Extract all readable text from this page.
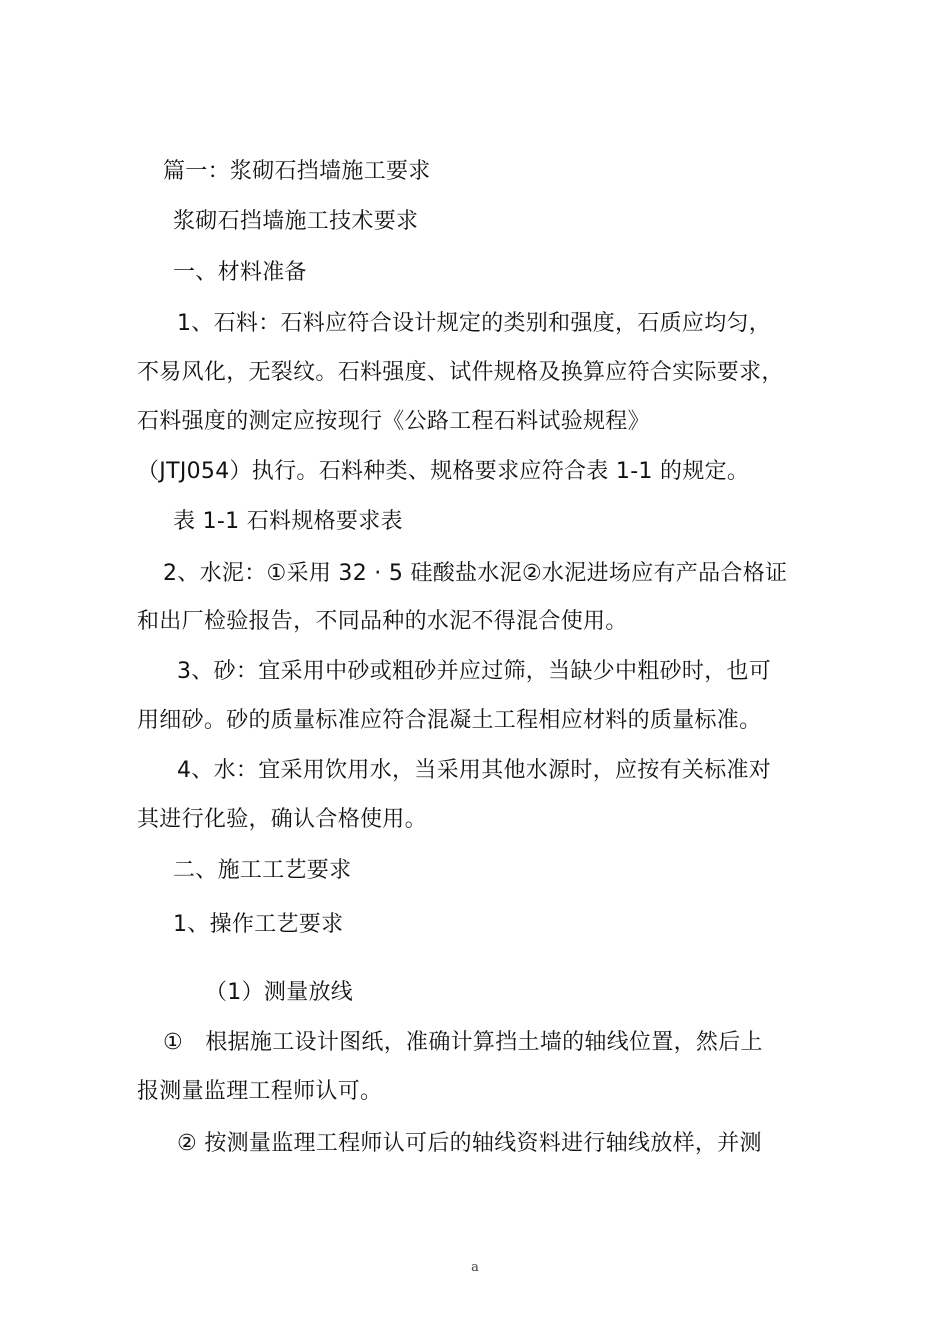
篇一：浆砌石挡墙施工要求
浆砌石挡墙施工技术要求
一、材料准备
1、石料：石料应符合设计规定的类别和强度，石质应均匀，
不易风化，无裂纹。石料强度、试件规格及换算应符合实际要求，
石料强度的测定应按现行《公路工程石料试验规程》
（JTJ054）执行。石料种类、规格要求应符合表 1-1 的规定。
表 1-1 石料规格要求表
2、水泥：①采用 32 · 5 硅酸盐水泥②水泥进场应有产品合格证
和出厂检验报告，不同品种的水泥不得混合使用。
3、砂：宜采用中砂或粗砂并应过筛，当缺少中粗砂时，也可
用细砂。砂的质量标准应符合混凝土工程相应材料的质量标准。
4、水：宜采用饮用水，当采用其他水源时，应按有关标准对
其进行化验，确认合格使用。
二、施工工艺要求
1、操作工艺要求
（1）测量放线
①　根据施工设计图纸，准确计算挡土墙的轴线位置，然后上
报测量监理工程师认可。
② 按测量监理工程师认可后的轴线资料进行轴线放样，并测
a
